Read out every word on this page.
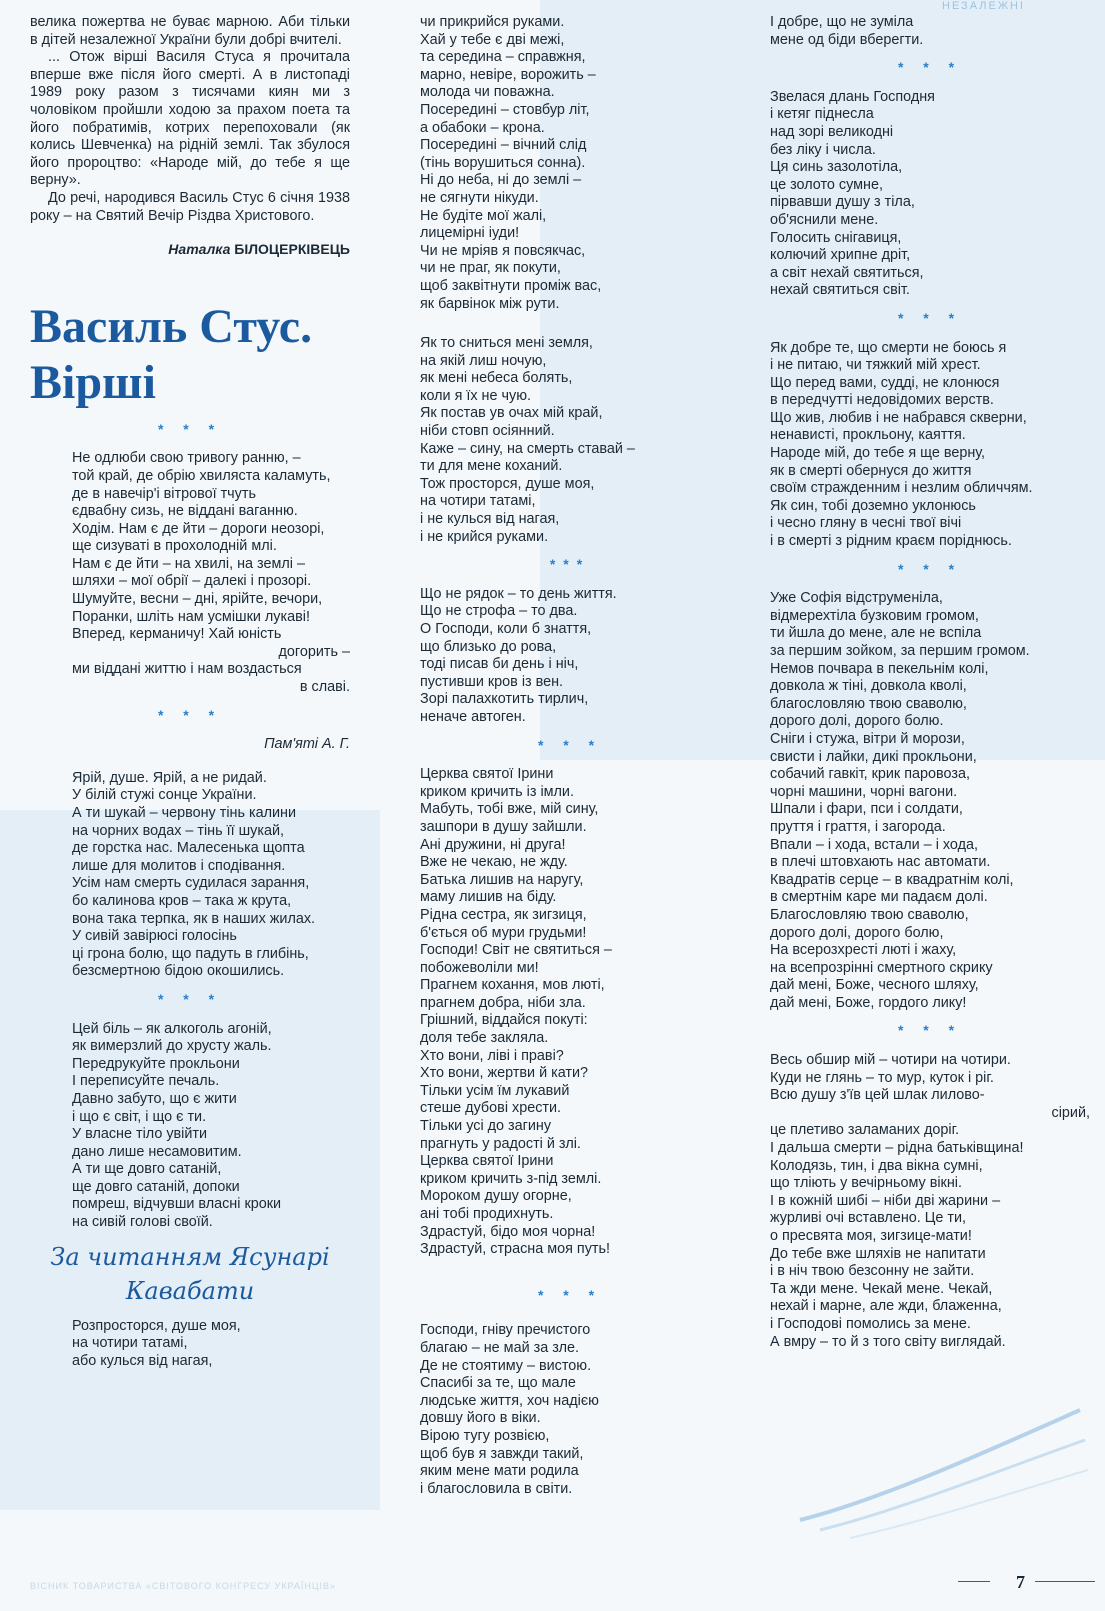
НЕЗАЛЕЖНІ

велика пожертва не буває марною. Аби тільки в дітей незалежної України були добрі вчителі.

... Отож вірші Василя Стуса я прочитала вперше вже після його смерті. А в листопаді 1989 року разом з тисячами киян ми з чоловіком пройшли ходою за прахом поета та його побратимів, котрих перепоховали (як колись Шевченка) на рідній землі. Так збулося його пророцтво: «Народе мій, до тебе я ще верну».

До речі, народився Василь Стус 6 січня 1938 року – на Святий Вечір Різдва Христового.

Наталка БІЛОЦЕРКІВЕЦЬ
Василь Стус.
Вірші
* * *
Не одлюби свою тривогу ранню, –
той край, де обрію хвиляста каламуть,
де в навечір'і вітрової тчуть
єдвабну сизь, не віддані ваганню.
Ходім. Нам є де йти – дороги неозорі,
ще сизуваті в прохолодній млі.
Нам є де йти – на хвилі, на землі –
шляхи – мої обрії – далекі і прозорі.
Шумуйте, весни – дні, ярійте, вечори,
Поранки, шліть нам усмішки лукаві!
Вперед, керманичу! Хай юність
догорить –
ми віддані життю і нам воздасться
в славі.
* * *
Пам'яті А. Г.
Ярій, душе. Ярій, а не ридай.
У білій стужі сонце України.
А ти шукай – червону тінь калини
на чорних водах – тінь її шукай,
де горстка нас. Малесенька щопта
лише для молитов і сподівання.
Усім нам смерть судилася зарання,
бо калинова кров – така ж крута,
вона така терпка, як в наших жилах.
У сивій завірюсі голосінь
ці грона болю, що падуть в глибінь,
безсмертною бідою окошились.
* * *
Цей біль – як алкоголь агоній,
як вимерзлий до хрусту жаль.
Передрукуйте прокльони
І переписуйте печаль.
Давно забуто, що є жити
і що є світ, і що є ти.
У власне тіло увійти
дано лише несамовитим.
А ти ще довго сатаній,
ще довго сатаній, допоки
помреш, відчувши власні кроки
на сивій голові своїй.
За читанням Ясунарі
Кавабати
Розпросторся, душе моя,
на чотири татамі,
або кулься від нагая,
чи прикрийся руками.
Хай у тебе є дві межі,
та середина – справжня,
марно, невіре, ворожить –
молода чи поважна.
Посередині – стовбур літ,
а обабоки – крона.
Посередині – вічний слід
(тінь ворушиться сонна).
Ні до неба, ні до землі –
не сягнути нікуди.
Не будіте мої жалі,
лицемірні іуди!
Чи не мріяв я повсякчас,
чи не праг, як покути,
щоб заквітнути проміж вас,
як барвінок між рути.
Як то сниться мені земля,
на якій лиш ночую,
як мені небеса болять,
коли я їх не чую.
Як постав ув очах мій край,
ніби стовп осіянний.
Каже – сину, на смерть ставай –
ти для мене коханий.
Тож просторся, душе моя,
на чотири татамі,
і не кулься від нагая,
і не крийся руками.
***
Що не рядок – то день життя.
Що не строфа – то два.
О Господи, коли б знаття,
що близько до рова,
тоді писав би день і ніч,
пустивши кров із вен.
Зорі палахкотить тирлич,
неначе автоген.
* * *
Церква святої Ірини
криком кричить із імли.
Мабуть, тобі вже, мій сину,
зашпори в душу зайшли.
Ані дружини, ні друга!
Вже не чекаю, не жду.
Батька лишив на наругу,
маму лишив на біду.
Рідна сестра, як зигзиця,
б'ється об мури грудьми!
Господи! Світ не святиться –
побожеволіли ми!
Прагнем кохання, мов люті,
прагнем добра, ніби зла.
Грішний, віддайся покуті:
доля тебе закляла.
Хто вони, ліві і праві?
Хто вони, жертви й кати?
Тільки усім їм лукавий
стеше дубові хрести.
Тільки усі до загину
прагнуть у радості й злі.
Церква святої Ірини
криком кричить з-під землі.
Мороком душу огорне,
ані тобі продихнуть.
Здрастуй, бідо моя чорна!
Здрастуй, страсна моя путь!
* * *
Господи, гніву пречистого
благаю – не май за зле.
Де не стоятиму – вистою.
Спасибі за те, що мале
людське життя, хоч надією
довшу його в віки.
Вірою тугу розвією,
щоб був я завжди такий,
яким мене мати родила
і благословила в світи.
І добре, що не зуміла
мене од біди вберегти.
* * *
Звелася длань Господня
і кетяг піднесла
над зорі великодні
без ліку і числа.
Ця синь зазолотіла,
це золото сумне,
пірвавши душу з тіла,
об'яснили мене.
Голосить снігавиця,
колючий хрипне дріт,
а світ нехай святиться,
нехай святиться світ.
* * *
Як добре те, що смерти не боюсь я
і не питаю, чи тяжкий мій хрест.
Що перед вами, судді, не клонюся
в передчутті недовідомих верств.
Що жив, любив і не набрався скверни,
ненависті, прокльону, каяття.
Народе мій, до тебе я ще верну,
як в смерті обернуся до життя
своїм стражденним і незлим обличчям.
Як син, тобі доземно уклонюсь
і чесно гляну в чесні твої вічі
і в смерті з рідним краєм поріднюсь.
* * *
Уже Софія відструменіла,
відмерехтіла бузковим громом,
ти йшла до мене, але не вспіла
за першим зойком, за першим громом.
Немов почвара в пекельнім колі,
довкола ж тіні, довкола кволі,
благословляю твою сваволю,
дорого долі, дорого болю.
Сніги і стужа, вітри й морози,
свисти і лайки, дикі прокльони,
собачий гавкіт, крик паровоза,
чорні машини, чорні вагони.
Шпали і фари, пси і солдати,
пруття і граття, і загорода.
Впали – і хода, встали – і хода,
в плечі штовхають нас автомати.
Квадратів серце – в квадратнім колі,
в смертнім каре ми падаєм долі.
Благословляю твою сваволю,
дорого долі, дорого болю,
На всерозхресті люті і жаху,
на всепрозрінні смертного скрику
дай мені, Боже, чесного шляху,
дай мені, Боже, гордого лику!
* * *
Весь обшир мій – чотири на чотири.
Куди не глянь – то мур, куток і ріг.
Всю душу з'їв цей шлак лилово-
сірий,
це плетиво заламаних доріг.
І дальша смерти – рідна батьківщина!
Колодязь, тин, і два вікна сумні,
що тліють у вечірньому вікні.
І в кожній шибі – ніби дві жарини –
журливі очі вставлено. Це ти,
о пресвята моя, зигзице-мати!
До тебе вже шляхів не напитати
і в ніч твою безсонну не зайти.
Та жди мене. Чекай мене. Чекай,
нехай і марне, але жди, блаженна,
і Господові помолись за мене.
А вмру – то й з того світу виглядай.
ВІСНИК ТОВАРИСТВА «СВІТОВОГО КОНГРЕСУ УКРАЇНЦІВ»	7
